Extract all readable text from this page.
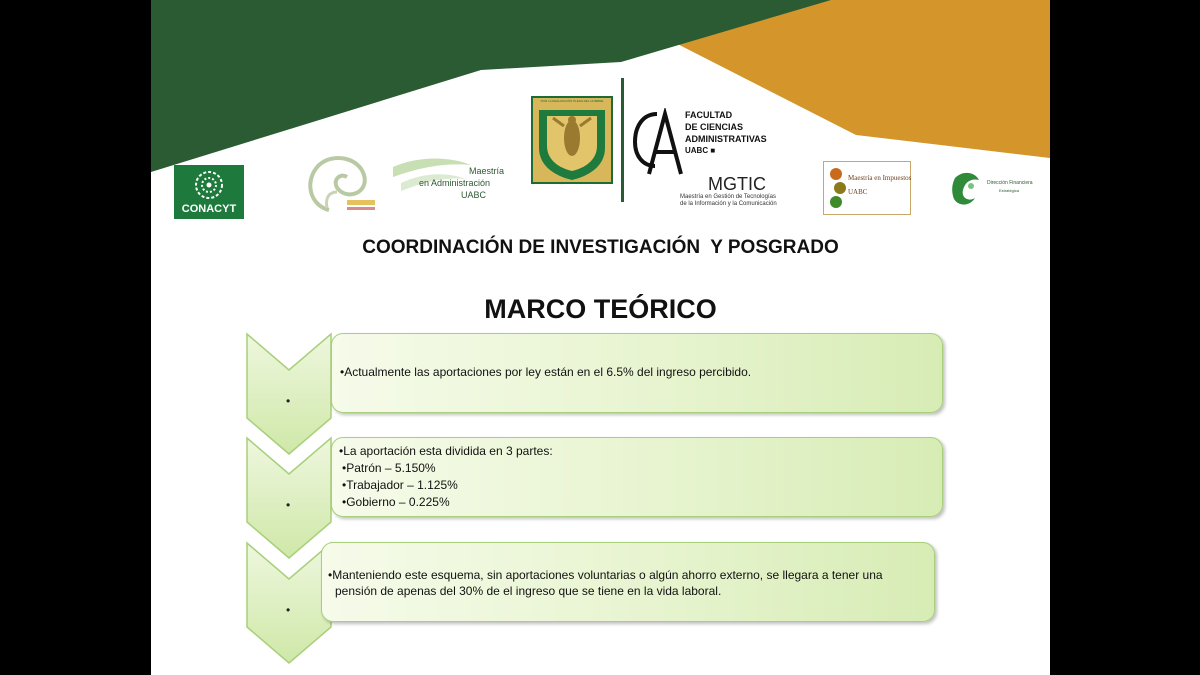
CONACYT
Maestría
en Administración
UABC
POR LA REALIZACIÓN PLENA DEL HOMBRE
FACULTAD
DE CIENCIAS
ADMINISTRATIVAS
UABC ■
MGTIC
Maestría en Gestión de Tecnologías
de la Información y la Comunicación
Maestría en Impuestos
UABC
Dirección Financiera
Estratégica
COORDINACIÓN DE INVESTIGACIÓN  Y POSGRADO
MARCO TEÓRICO
•
•
•
•Actualmente las aportaciones por ley están en el 6.5% del ingreso percibido.
•La aportación esta dividida en 3 partes:
•Patrón – 5.150%
•Trabajador – 1.125%
•Gobierno – 0.225%
•Manteniendo este esquema, sin aportaciones voluntarias o algún ahorro externo, se llegara a tener una
pensión de apenas del 30% de el ingreso que se tiene en la vida laboral.
